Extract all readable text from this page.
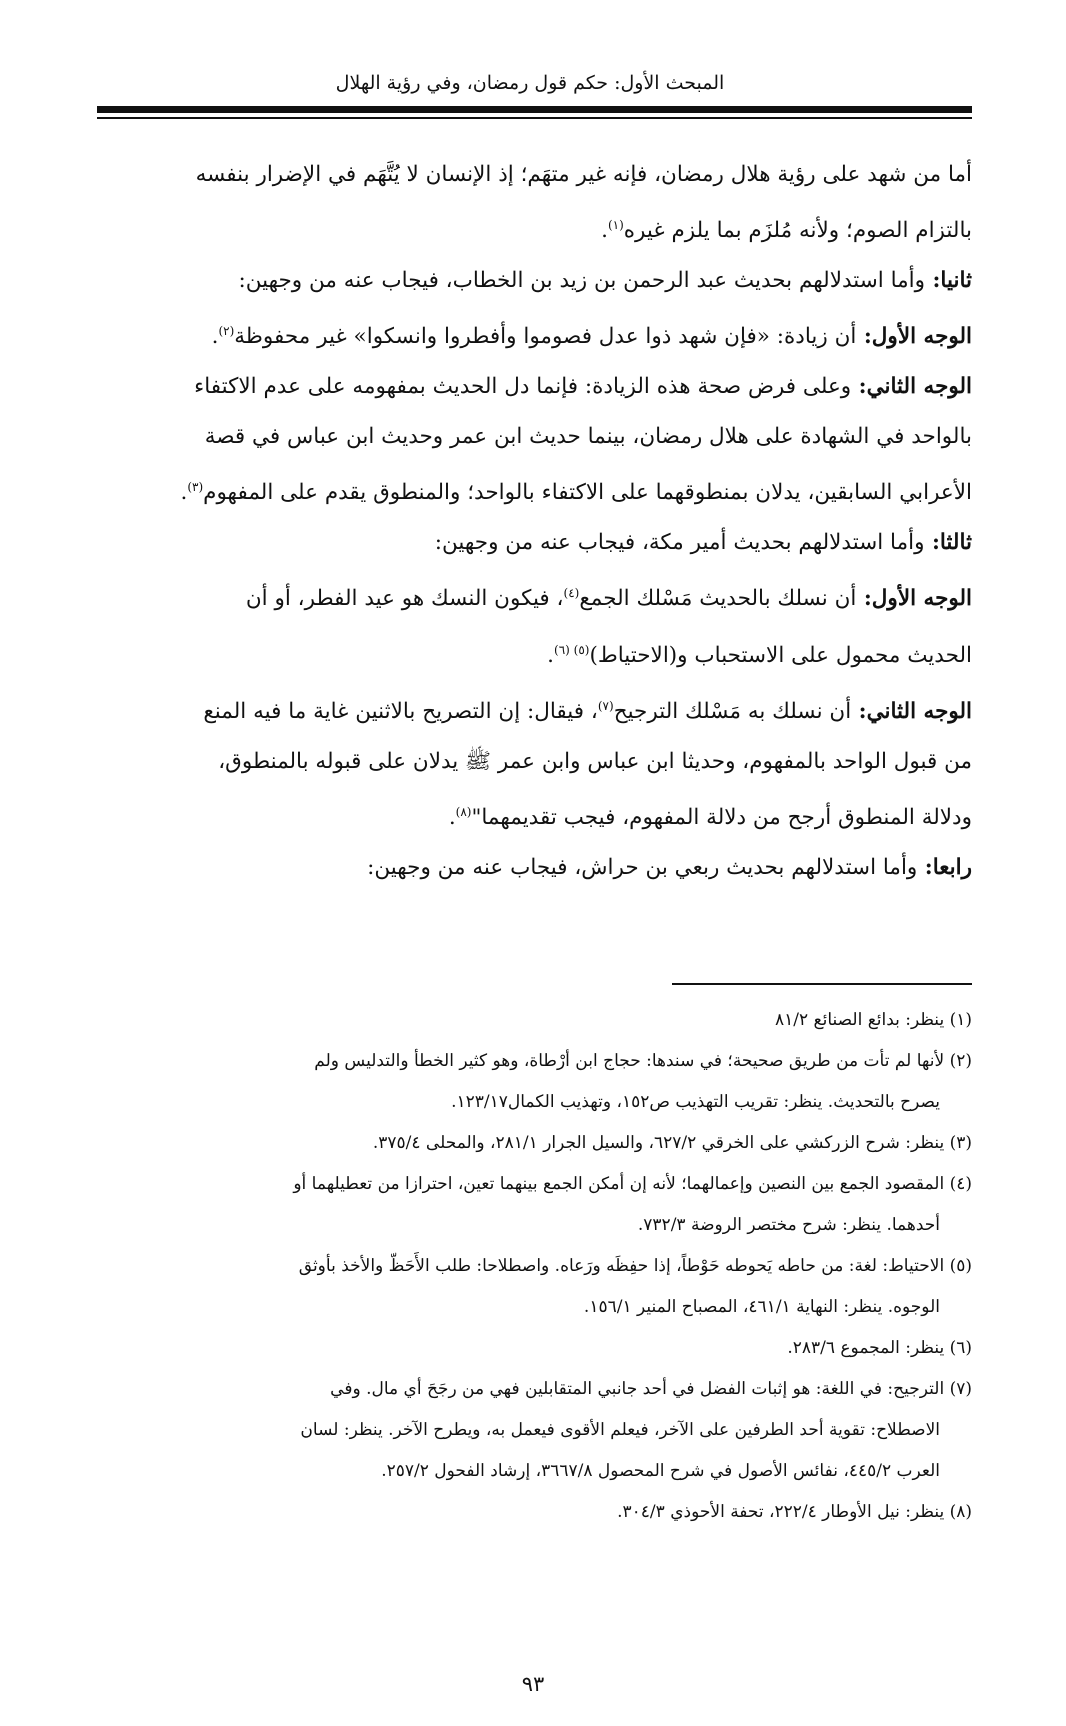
المبحث الأول: حكم قول رمضان، وفي رؤية الهلال

أما من شهد على رؤية هلال رمضان، فإنه غير متهَم؛ إذ الإنسان لا يُتَّهَم في الإضرار بنفسه

بالتزام الصوم؛ ولأنه مُلزَم بما يلزم غيره$^{(١)}$.

ثانيا: وأما استدلالهم بحديث عبد الرحمن بن زيد بن الخطاب، فيجاب عنه من وجهين:

الوجه الأول: أن زيادة: «فإن شهد ذوا عدل فصوموا وأفطروا وانسكوا» غير محفوظة$^{(٢)}$.

الوجه الثاني: وعلى فرض صحة هذه الزيادة: فإنما دل الحديث بمفهومه على عدم الاكتفاء

بالواحد في الشهادة على هلال رمضان، بينما حديث ابن عمر وحديث ابن عباس في قصة

الأعرابي السابقين، يدلان بمنطوقهما على الاكتفاء بالواحد؛ والمنطوق يقدم على المفهوم$^{(٣)}$.

ثالثا: وأما استدلالهم بحديث أمير مكة، فيجاب عنه من وجهين:

الوجه الأول: أن نسلك بالحديث مَسْلك الجمع$^{(٤)}$، فيكون النسك هو عيد الفطر، أو أن

الحديث محمول على الاستحباب و(الاحتياط)$^{(٥) (٦)}$.

الوجه الثاني: أن نسلك به مَسْلك الترجيح$^{(٧)}$، فيقال: إن التصريح بالاثنين غاية ما فيه المنع

من قبول الواحد بالمفهوم، وحديثا ابن عباس وابن عمر ﷺ يدلان على قبوله بالمنطوق،

ودلالة المنطوق أرجح من دلالة المفهوم، فيجب تقديمهما"$^{(٨)}$.

رابعا: وأما استدلالهم بحديث ربعي بن حراش، فيجاب عنه من وجهين:

(١) ينظر: بدائع الصنائع ٨١/٢
(٢) لأنها لم تأت من طريق صحيحة؛ في سندها: حجاج ابن أرْطاة، وهو كثير الخطأ والتدليس ولم
يصرح بالتحديث. ينظر: تقريب التهذيب ص١٥٢، وتهذيب الكمال١٢٣/١٧.
(٣) ينظر: شرح الزركشي على الخرقي ٦٢٧/٢، والسيل الجرار ٢٨١/١، والمحلى ٣٧٥/٤.
(٤) المقصود الجمع بين النصين وإعمالهما؛ لأنه إن أمكن الجمع بينهما تعين، احترازا من تعطيلهما أو
أحدهما. ينظر: شرح مختصر الروضة ٧٣٢/٣.
(٥) الاحتياط: لغة: من حاطه يَحوطه حَوْطاً، إذا حفِظَه ورَعاه. واصطلاحا: طلب الأَحَظّ والأخذ بأوثق
الوجوه. ينظر: النهاية ٤٦١/١، المصباح المنير ١٥٦/١.
(٦) ينظر: المجموع ٢٨٣/٦.
(٧) الترجيح: في اللغة: هو إثبات الفضل في أحد جانبي المتقابلين فهي من رجَحَ أي مال. وفي
الاصطلاح: تقوية أحد الطرفين على الآخر، فيعلم الأقوى فيعمل به، ويطرح الآخر. ينظر: لسان
العرب ٤٤٥/٢، نفائس الأصول في شرح المحصول ٣٦٦٧/٨، إرشاد الفحول ٢٥٧/٢.
(٨) ينظر: نيل الأوطار ٢٢٢/٤، تحفة الأحوذي ٣٠٤/٣.
٩٣
